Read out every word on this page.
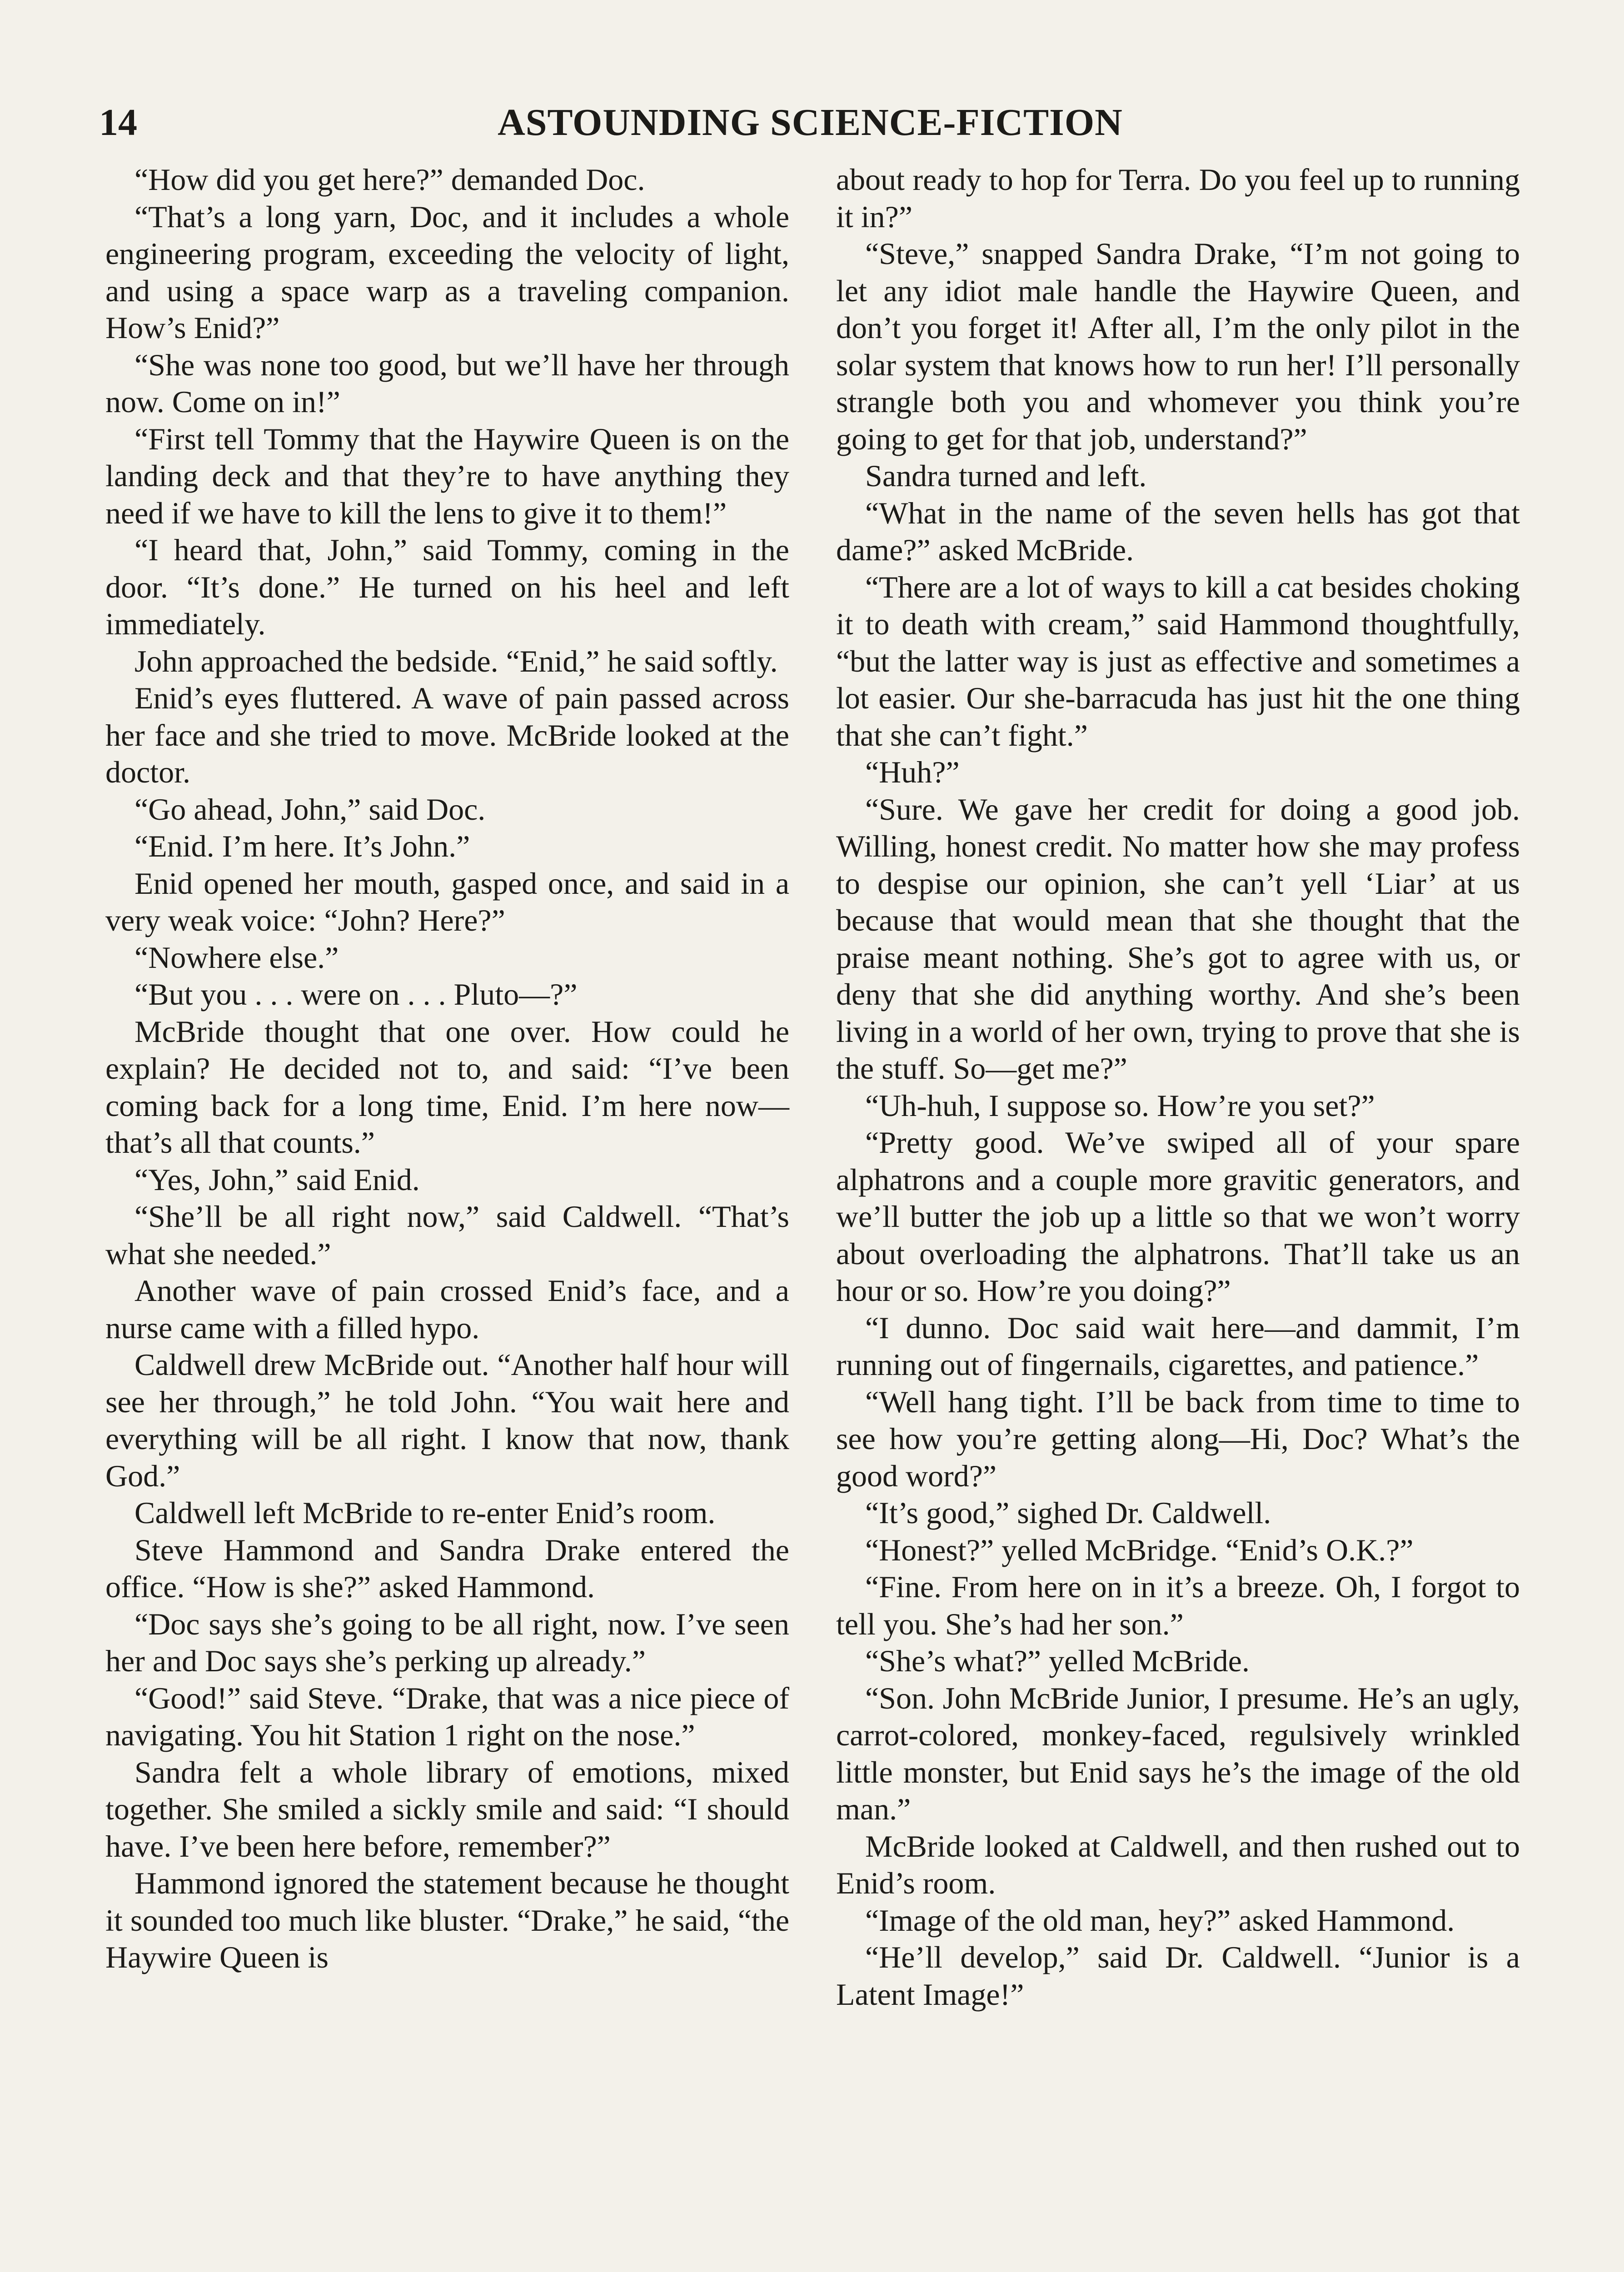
14	ASTOUNDING SCIENCE-FICTION

“How did you get here?” demanded Doc.

“That’s a long yarn, Doc, and it includes a whole engineering program, exceeding the velocity of light, and using a space warp as a traveling companion. How’s Enid?”

“She was none too good, but we’ll have her through now. Come on in!”

“First tell Tommy that the Haywire Queen is on the landing deck and that they’re to have anything they need if we have to kill the lens to give it to them!”

“I heard that, John,” said Tommy, coming in the door. “It’s done.” He turned on his heel and left immediately.

John approached the bedside. “Enid,” he said softly.

Enid’s eyes fluttered. A wave of pain passed across her face and she tried to move. McBride looked at the doctor.

“Go ahead, John,” said Doc.

“Enid. I’m here. It’s John.”

Enid opened her mouth, gasped once, and said in a very weak voice: “John? Here?”

“Nowhere else.”

“But you . . . were on . . . Pluto—?”

McBride thought that one over. How could he explain? He decided not to, and said: “I’ve been coming back for a long time, Enid. I’m here now—that’s all that counts.”

“Yes, John,” said Enid.

“She’ll be all right now,” said Caldwell. “That’s what she needed.”

Another wave of pain crossed Enid’s face, and a nurse came with a filled hypo.

Caldwell drew McBride out. “Another half hour will see her through,” he told John. “You wait here and everything will be all right. I know that now, thank God.”

Caldwell left McBride to re-enter Enid’s room.

Steve Hammond and Sandra Drake entered the office. “How is she?” asked Hammond.

“Doc says she’s going to be all right, now. I’ve seen her and Doc says she’s perking up already.”

“Good!” said Steve. “Drake, that was a nice piece of navigating. You hit Station 1 right on the nose.”

Sandra felt a whole library of emotions, mixed together. She smiled a sickly smile and said: “I should have. I’ve been here before, remember?”

Hammond ignored the statement because he thought it sounded too much like bluster. “Drake,” he said, “the Haywire Queen is

about ready to hop for Terra. Do you feel up to running it in?”

“Steve,” snapped Sandra Drake, “I’m not going to let any idiot male handle the Haywire Queen, and don’t you forget it! After all, I’m the only pilot in the solar system that knows how to run her! I’ll personally strangle both you and whomever you think you’re going to get for that job, understand?”

Sandra turned and left.

“What in the name of the seven hells has got that dame?” asked McBride.

“There are a lot of ways to kill a cat besides choking it to death with cream,” said Hammond thoughtfully, “but the latter way is just as effective and sometimes a lot easier. Our she-barracuda has just hit the one thing that she can’t fight.”

“Huh?”

“Sure. We gave her credit for doing a good job. Willing, honest credit. No matter how she may profess to despise our opinion, she can’t yell ‘Liar’ at us because that would mean that she thought that the praise meant nothing. She’s got to agree with us, or deny that she did anything worthy. And she’s been living in a world of her own, trying to prove that she is the stuff. So—get me?”

“Uh-huh, I suppose so. How’re you set?”

“Pretty good. We’ve swiped all of your spare alphatrons and a couple more gravitic generators, and we’ll butter the job up a little so that we won’t worry about overloading the alphatrons. That’ll take us an hour or so. How’re you doing?”

“I dunno. Doc said wait here—and dammit, I’m running out of fingernails, cigarettes, and patience.”

“Well hang tight. I’ll be back from time to time to see how you’re getting along—Hi, Doc? What’s the good word?”

“It’s good,” sighed Dr. Caldwell.

“Honest?” yelled McBridge. “Enid’s O.K.?”

“Fine. From here on in it’s a breeze. Oh, I forgot to tell you. She’s had her son.”

“She’s what?” yelled McBride.

“Son. John McBride Junior, I presume. He’s an ugly, carrot-colored, monkey-faced, regulsively wrinkled little monster, but Enid says he’s the image of the old man.”

McBride looked at Caldwell, and then rushed out to Enid’s room.

“Image of the old man, hey?” asked Hammond.

“He’ll develop,” said Dr. Caldwell. “Junior is a Latent Image!”
